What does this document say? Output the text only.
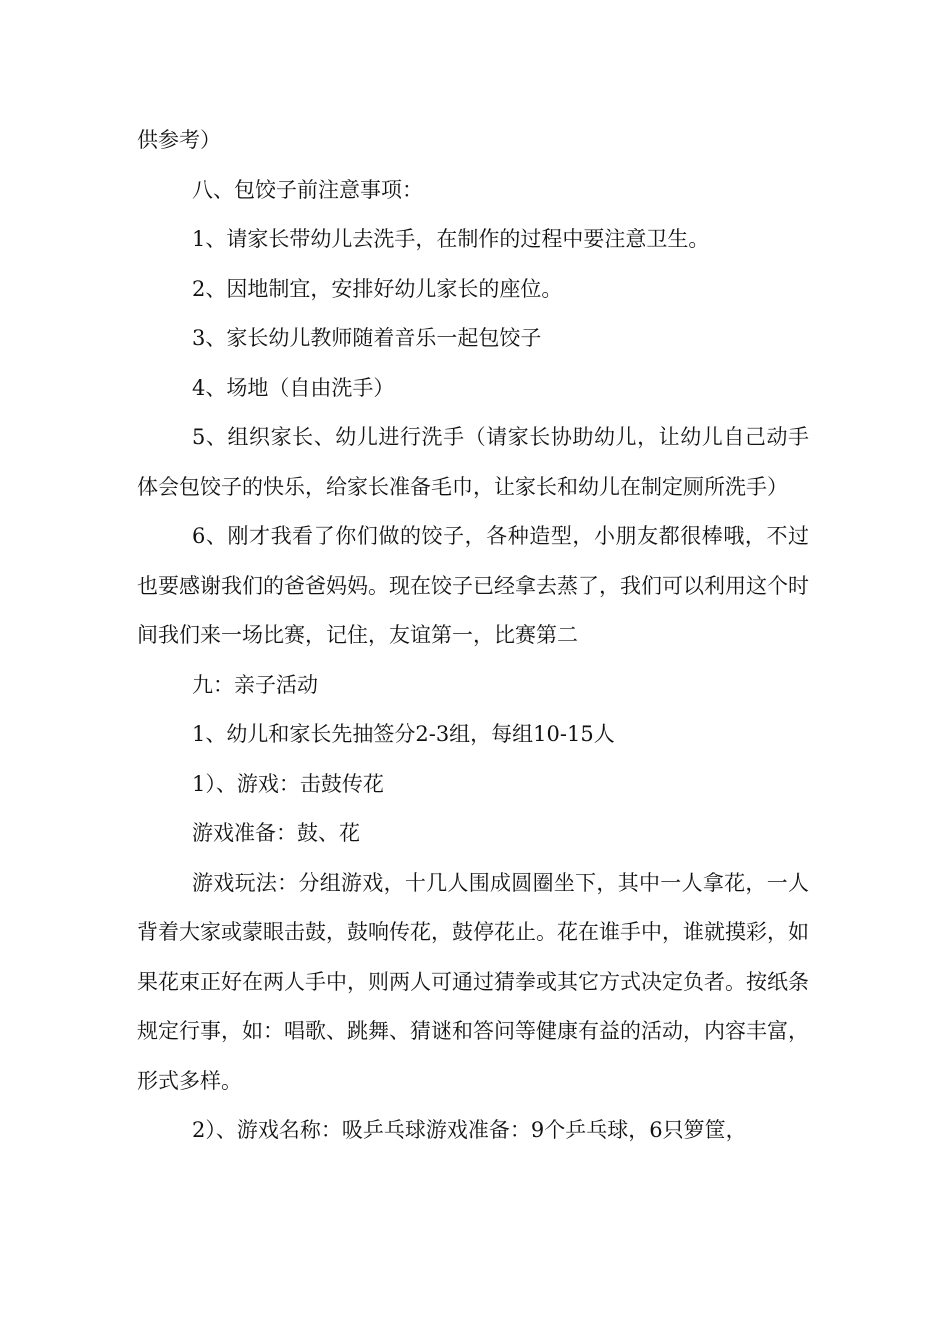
供参考）

八、包饺子前注意事项：

1、请家长带幼儿去洗手，在制作的过程中要注意卫生。

2、因地制宜，安排好幼儿家长的座位。

3、家长幼儿教师随着音乐一起包饺子

4、场地（自由洗手）

5、组织家长、幼儿进行洗手（请家长协助幼儿，让幼儿自己动手体会包饺子的快乐，给家长准备毛巾，让家长和幼儿在制定厕所洗手）

6、刚才我看了你们做的饺子，各种造型，小朋友都很棒哦，不过也要感谢我们的爸爸妈妈。现在饺子已经拿去蒸了，我们可以利用这个时间我们来一场比赛，记住，友谊第一，比赛第二

九：亲子活动

1、幼儿和家长先抽签分2-3组，每组10-15人

1）、游戏：击鼓传花

游戏准备：鼓、花

游戏玩法：分组游戏，十几人围成圆圈坐下，其中一人拿花，一人背着大家或蒙眼击鼓，鼓响传花，鼓停花止。花在谁手中，谁就摸彩，如果花束正好在两人手中，则两人可通过猜拳或其它方式决定负者。按纸条规定行事，如：唱歌、跳舞、猜谜和答问等健康有益的活动，内容丰富，形式多样。

2）、游戏名称：吸乒乓球游戏准备：9个乒乓球，6只箩筐，
